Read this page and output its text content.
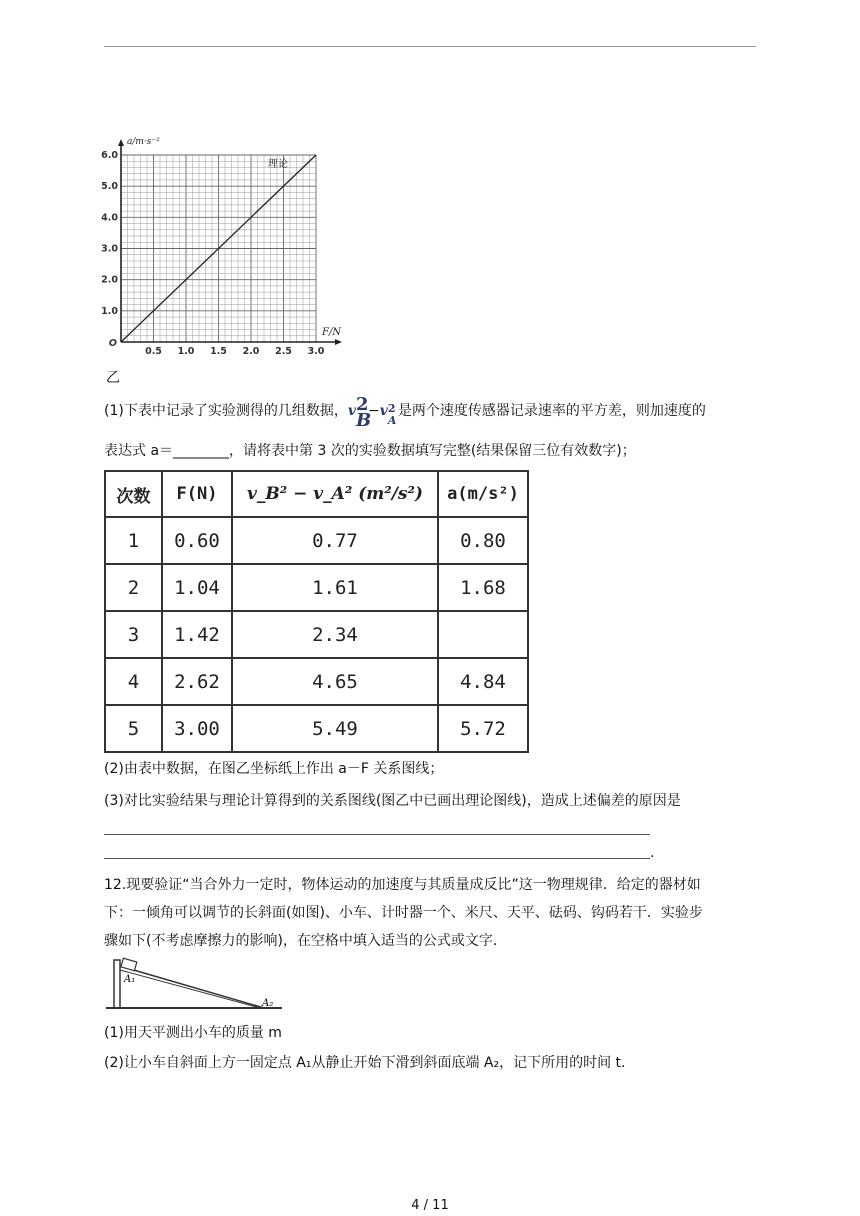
0.5 1.0 1.5 2.0 2.5 3.0
1.0
2.0
3.0
4.0
5.0
6.0
O
F/N
a/m·s⁻²
理论
乙
(1)下表中记录了实验测得的几组数据，v 2
B
−v 2
A
是两个速度传感器记录速率的平方差，则加速度的
表达式 a＝________，请将表中第 3 次的实验数据填写完整(结果保留三位有效数字)；
次数	F(N)	v_B² − v_A² (m²/s²)	a(m/s²)
1	0.60	0.77	0.80
2	1.04	1.61	1.68
3	1.42	2.34	
4	2.62	4.65	4.84
5	3.00	5.49	5.72
(2)由表中数据，在图乙坐标纸上作出 a－F 关系图线；
(3)对比实验结果与理论计算得到的关系图线(图乙中已画出理论图线)，造成上述偏差的原因是
.
12.现要验证“当合外力一定时，物体运动的加速度与其质量成反比”这一物理规律．给定的器材如
下：一倾角可以调节的长斜面(如图)、小车、计时器一个、米尺、天平、砝码、钩码若干．实验步
骤如下(不考虑摩擦力的影响)，在空格中填入适当的公式或文字．
A₁
A₂
(1)用天平测出小车的质量 m
(2)让小车自斜面上方一固定点 A₁从静止开始下滑到斜面底端 A₂，记下所用的时间 t.
4 / 11
